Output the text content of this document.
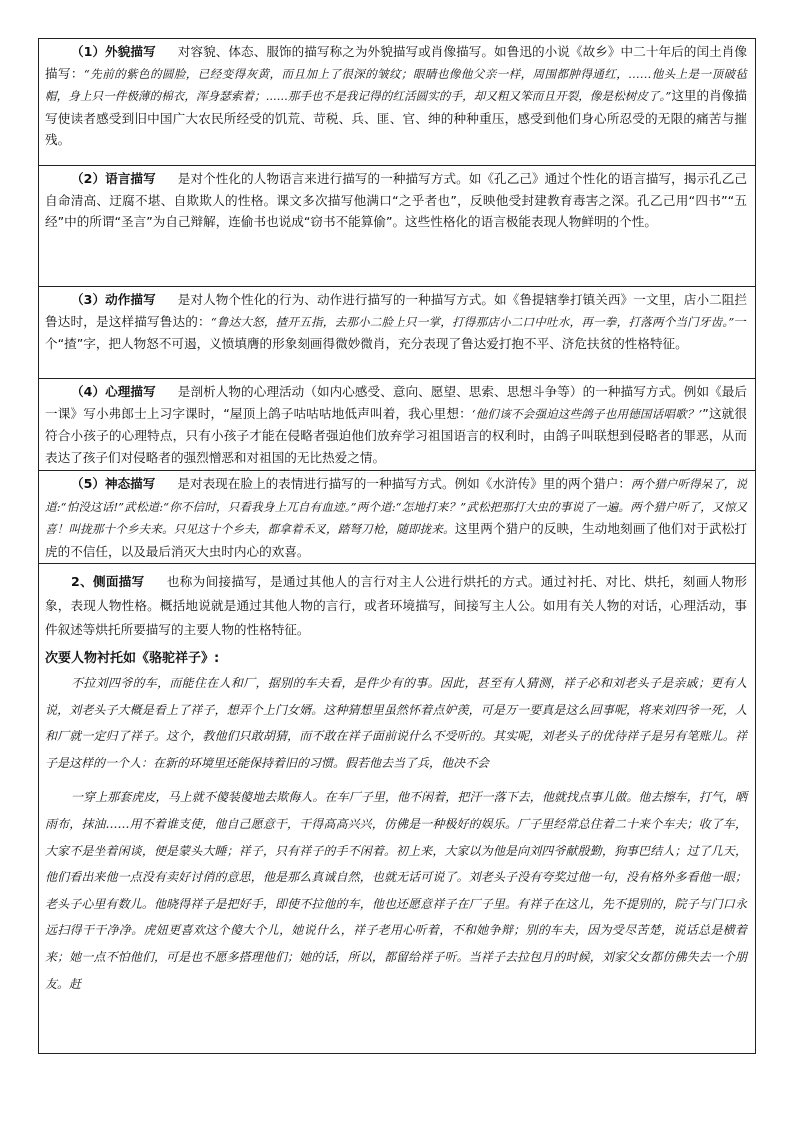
（1）外貌描写 对容貌、体态、服饰的描写称之为外貌描写或肖像描写。如鲁迅的小说《故乡》中二十年后的闰土肖像描写：“先前的紫色的圆脸，已经变得灰黄，而且加上了很深的皱纹；眼睛也像他父亲一样，周围都肿得通红，……他头上是一顶破毡帽，身上只一件极薄的棉衣，浑身瑟索着；......那手也不是我记得的红活圆实的手，却又粗又笨而且开裂，像是松树皮了。”这里的肖像描写使读者感受到旧中国广大农民所经受的饥荒、苛税、兵、匪、官、绅的种种重压，感受到他们身心所忍受的无限的痛苦与摧残。

（2）语言描写 是对个性化的人物语言来进行描写的一种描写方式。如《孔乙己》通过个性化的语言描写，揭示孔乙己自命清高、迂腐不堪、自欺欺人的性格。课文多次描写他满口“之乎者也”，反映他受封建教育毒害之深。孔乙己用“四书”“五经”中的所谓“圣言”为自己辩解，连偷书也说成“窃书不能算偷”。这些性格化的语言极能表现人物鲜明的个性。

（3）动作描写 是对人物个性化的行为、动作进行描写的一种描写方式。如《鲁提辖拳打镇关西》一文里，店小二阻拦鲁达时，是这样描写鲁达的：“鲁达大怒，揸开五指，去那小二脸上只一掌，打得那店小二口中吐水，再一拳，打落两个当门牙齿。”一个“揸”字，把人物怒不可遏，义愤填膺的形象刻画得微妙微肖，充分表现了鲁达爱打抱不平、济危扶贫的性格特征。

（4）心理描写 是剖析人物的心理活动（如内心感受、意向、愿望、思索、思想斗争等）的一种描写方式。例如《最后一课》写小弗郎士上习字课时，“屋顶上鸽子咕咕咕地低声叫着，我心里想：‘他们该不会强迫这些鸽子也用德国话唱歌？’”这就很符合小孩子的心理特点，只有小孩子才能在侵略者强迫他们放弃学习祖国语言的权利时，由鸽子叫联想到侵略者的罪恶，从而表达了孩子们对侵略者的强烈憎恶和对祖国的无比热爱之情。

（5）神态描写 是对表现在脸上的表情进行描写的一种描写方式。例如《水浒传》里的两个猎户：两个猎户听得呆了，说道:“怕没这话!”武松道:“你不信时，只看我身上兀自有血迹。”两个道:“怎地打来？”武松把那打大虫的事说了一遍。两个猎户听了，又惊又喜！叫拢那十个乡夫来。只见这十个乡夫，都拿着禾叉，踏弩刀枪，随即拢来。这里两个猎户的反映，生动地刻画了他们对于武松打虎的不信任，以及最后消灭大虫时内心的欢喜。

2、侧面描写 也称为间接描写，是通过其他人的言行对主人公进行烘托的方式。通过衬托、对比、烘托，刻画人物形象，表现人物性格。概括地说就是通过其他人物的言行，或者环境描写，间接写主人公。如用有关人物的对话，心理活动，事件叙述等烘托所要描写的主要人物的性格特征。

次要人物衬托如《骆驼祥子》:

不拉刘四爷的车，而能住在人和厂，据别的车夫看，是件少有的事。因此，甚至有人猜测，祥子必和刘老头子是亲戚；更有人说，刘老头子大概是看上了祥子，想弄个上门女婿。这种猜想里虽然怀着点妒羡，可是万一要真是这么回事呢，将来刘四爷一死，人和厂就一定归了祥子。这个，教他们只敢胡猜，而不敢在祥子面前说什么不受听的。其实呢，刘老头子的优待祥子是另有笔账儿。祥子是这样的一个人：在新的环境里还能保持着旧的习惯。假若他去当了兵，他决不会

一穿上那套虎皮，马上就不傻装傻地去欺侮人。在车厂子里，他不闲着，把汗一落下去，他就找点事儿做。他去擦车，打气，晒雨布，抹油……用不着谁支使，他自己愿意干，干得高高兴兴，仿佛是一种极好的娱乐。厂子里经常总住着二十来个车夫；收了车，大家不是坐着闲谈，便是蒙头大睡；祥子，只有祥子的手不闲着。初上来，大家以为他是向刘四爷献殷勤，狗事巴结人；过了几天，他们看出来他一点没有卖好讨俏的意思，他是那么真诚自然，也就无话可说了。刘老头子没有夸奖过他一句，没有格外多看他一眼；老头子心里有数儿。他晓得祥子是把好手，即使不拉他的车，他也还愿意祥子在厂子里。有祥子在这儿，先不提别的，院子与门口永远扫得干干净净。虎妞更喜欢这个傻大个儿，她说什么，祥子老用心听着，不和她争辩；别的车夫，因为受尽苦楚，说话总是横着来；她一点不怕他们，可是也不愿多搭理他们；她的话，所以，都留给祥子听。当祥子去拉包月的时候，刘家父女都仿佛失去一个朋友。赶
